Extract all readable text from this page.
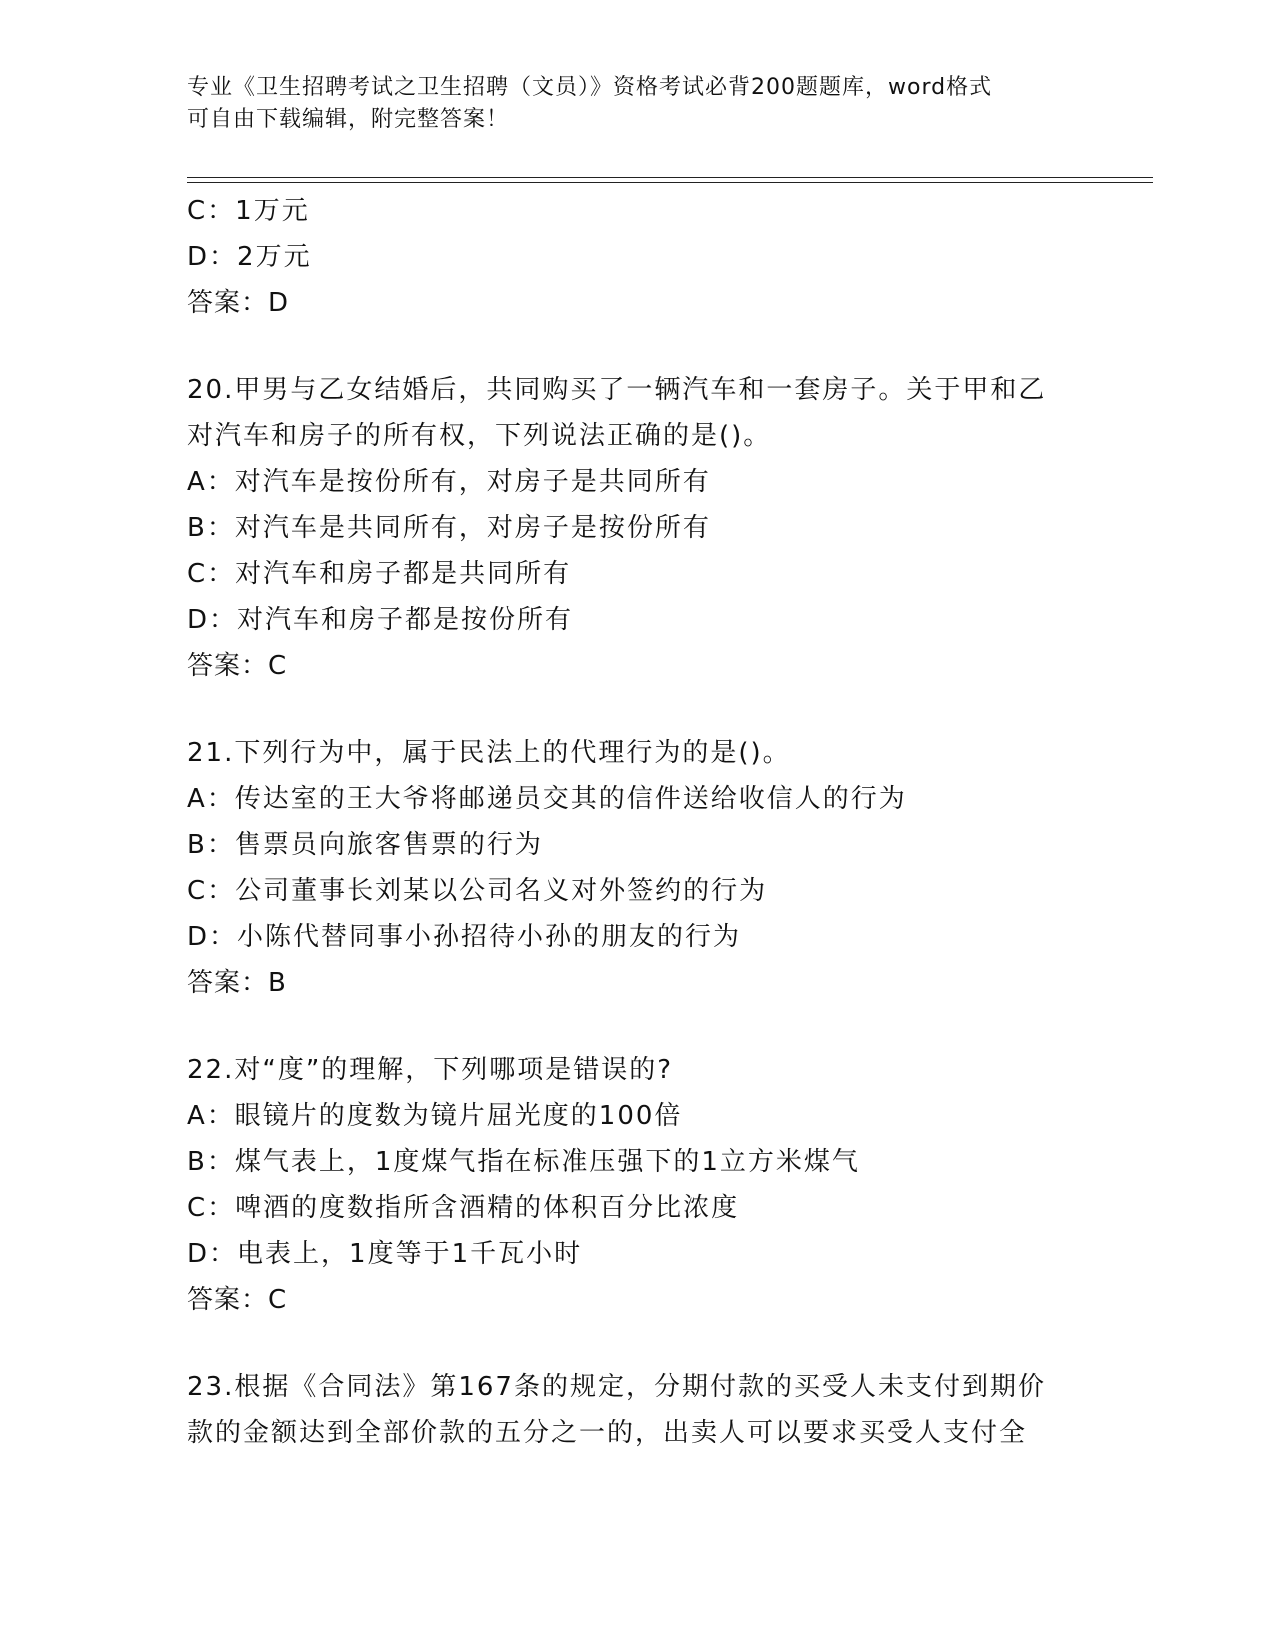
专业《卫生招聘考试之卫生招聘（文员）》资格考试必背200题题库，word格式
可自由下载编辑，附完整答案！
C：1万元
D：2万元
答案：D
20.甲男与乙女结婚后，共同购买了一辆汽车和一套房子。关于甲和乙
对汽车和房子的所有权，下列说法正确的是()。
A：对汽车是按份所有，对房子是共同所有
B：对汽车是共同所有，对房子是按份所有
C：对汽车和房子都是共同所有
D：对汽车和房子都是按份所有
答案：C
21.下列行为中，属于民法上的代理行为的是()。
A：传达室的王大爷将邮递员交其的信件送给收信人的行为
B：售票员向旅客售票的行为
C：公司董事长刘某以公司名义对外签约的行为
D：小陈代替同事小孙招待小孙的朋友的行为
答案：B
22.对“度”的理解，下列哪项是错误的?
A：眼镜片的度数为镜片屈光度的100倍
B：煤气表上，1度煤气指在标准压强下的1立方米煤气
C：啤酒的度数指所含酒精的体积百分比浓度
D：电表上，1度等于1千瓦小时
答案：C
23.根据《合同法》第167条的规定，分期付款的买受人未支付到期价
款的金额达到全部价款的五分之一的，出卖人可以要求买受人支付全
